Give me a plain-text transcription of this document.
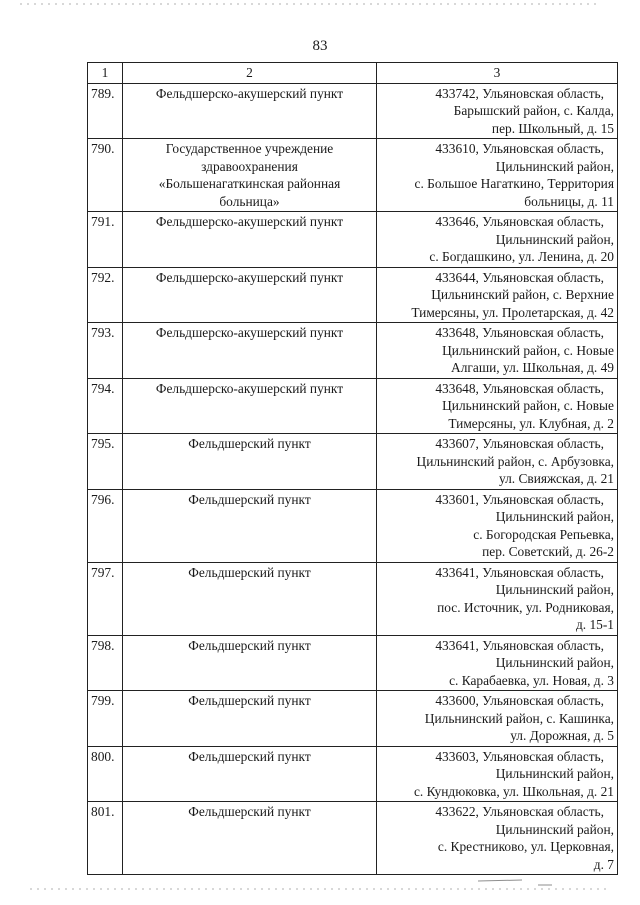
83
1	2	3
789.	Фельдшерско-акушерский пункт	433742, Ульяновская область,
Барышский район, с. Калда,
пер. Школьный, д. 15

790.	Государственное учреждение
здравоохранения
«Большенагаткинская районная
больница»	433610, Ульяновская область,
Цильнинский район,
с. Большое Нагаткино, Территория
больницы, д. 11

791.	Фельдшерско-акушерский пункт	433646, Ульяновская область,
Цильнинский район,
с. Богдашкино, ул. Ленина, д. 20

792.	Фельдшерско-акушерский пункт	433644, Ульяновская область,
Цильнинский район, с. Верхние
Тимерсяны, ул. Пролетарская, д. 42

793.	Фельдшерско-акушерский пункт	433648, Ульяновская область,
Цильнинский район, с. Новые
Алгаши, ул. Школьная, д. 49

794.	Фельдшерско-акушерский пункт	433648, Ульяновская область,
Цильнинский район, с. Новые
Тимерсяны, ул. Клубная, д. 2

795.	Фельдшерский пункт	433607, Ульяновская область,
Цильнинский район, с. Арбузовка,
ул. Свияжская, д. 21

796.	Фельдшерский пункт	433601, Ульяновская область,
Цильнинский район,
с. Богородская Репьевка,
пер. Советский, д. 26-2

797.	Фельдшерский пункт	433641, Ульяновская область,
Цильнинский район,
пос. Источник, ул. Родниковая,
д. 15-1

798.	Фельдшерский пункт	433641, Ульяновская область,
Цильнинский район,
с. Карабаевка, ул. Новая, д. 3

799.	Фельдшерский пункт	433600, Ульяновская область,
Цильнинский район, с. Кашинка,
ул. Дорожная, д. 5

800.	Фельдшерский пункт	433603, Ульяновская область,
Цильнинский район,
с. Кундюковка, ул. Школьная, д. 21

801.	Фельдшерский пункт	433622, Ульяновская область,
Цильнинский район,
с. Крестниково, ул. Церковная,
д. 7
